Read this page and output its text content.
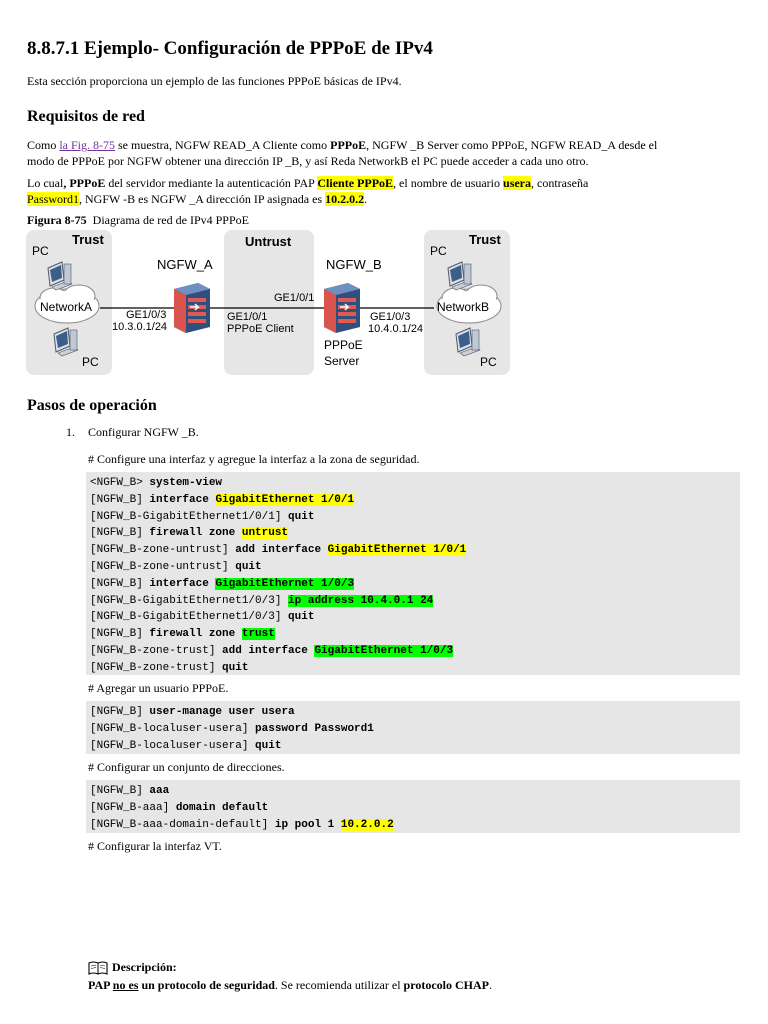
8.8.7.1 Ejemplo- Configuración de PPPoE de IPv4
Esta sección proporciona un ejemplo de las funciones PPPoE básicas de IPv4.
Requisitos de red
Como la Fig. 8-75 se muestra, NGFW READ_A Cliente como PPPoE, NGFW _B Server como PPPoE, NGFW READ_A desde el
modo de PPPoE por NGFW obtener una dirección IP _B, y así Reda NetworkB el PC puede acceder a cada uno otro.
Lo cual, PPPoE del servidor mediante la autenticación PAP Cliente PPPoE, el nombre de usuario usera, contraseña
Password1, NGFW -B es NGFW _A dirección IP asignada es 10.2.0.2.
Figura 8-75 Diagrama de red de IPv4 PPPoE
Trust	Untrust	Trust
PC
PC
PC
PC
NetworkA	NetworkB
NGFW_A	NGFW_B
GE1/0/3
10.3.0.1/24
GE1/0/1
PPPoE Client
GE1/0/1
GE1/0/3
10.4.0.1/24
PPPoE
Server
Pasos de operación
1. Configurar NGFW _B.
# Configure una interfaz y agregue la interfaz a la zona de seguridad.
<NGFW_B> system-view
[NGFW_B] interface GigabitEthernet 1/0/1
[NGFW_B-GigabitEthernet1/0/1] quit
[NGFW_B] firewall zone untrust
[NGFW_B-zone-untrust] add interface GigabitEthernet 1/0/1
[NGFW_B-zone-untrust] quit
[NGFW_B] interface GigabitEthernet 1/0/3
[NGFW_B-GigabitEthernet1/0/3] ip address 10.4.0.1 24
[NGFW_B-GigabitEthernet1/0/3] quit
[NGFW_B] firewall zone trust
[NGFW_B-zone-trust] add interface GigabitEthernet 1/0/3
[NGFW_B-zone-trust] quit
# Agregar un usuario PPPoE.
[NGFW_B] user-manage user usera
[NGFW_B-localuser-usera] password Password1
[NGFW_B-localuser-usera] quit
# Configurar un conjunto de direcciones.
[NGFW_B] aaa
[NGFW_B-aaa] domain default
[NGFW_B-aaa-domain-default] ip pool 1 10.2.0.2
# Configurar la interfaz VT.
Descripción:
PAP no es un protocolo de seguridad. Se recomienda utilizar el protocolo CHAP.
